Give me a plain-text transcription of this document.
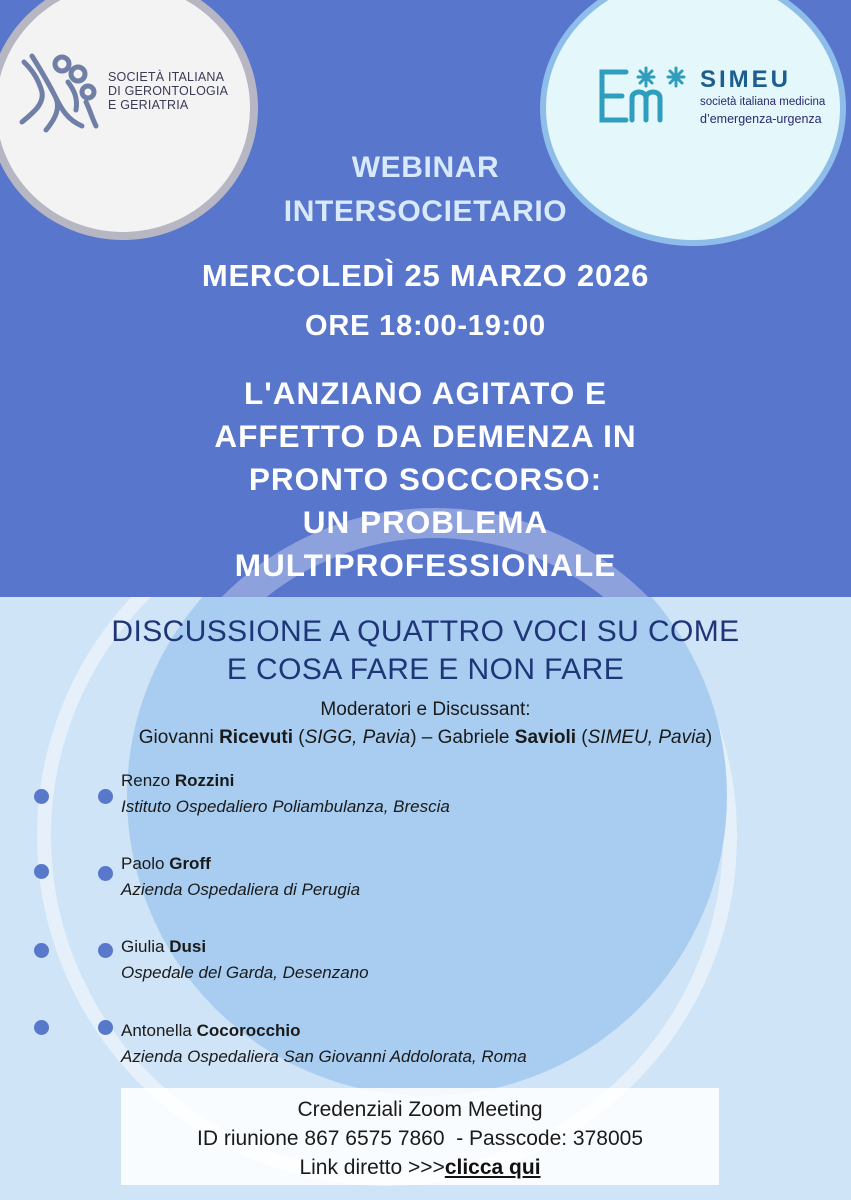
SOCIETÀ ITALIANA
DI GERONTOLOGIA
E GERIATRIA
SIMEU
società italiana medicina
d’emergenza-urgenza
WEBINAR
INTERSOCIETARIO
MERCOLEDÌ 25 MARZO 2026
ORE 18:00-19:00
L'ANZIANO AGITATO E
AFFETTO DA DEMENZA IN
PRONTO SOCCORSO:
UN PROBLEMA
MULTIPROFESSIONALE
DISCUSSIONE A QUATTRO VOCI SU COME
E COSA FARE E NON FARE
Moderatori e Discussant:
Giovanni Ricevuti (SIGG, Pavia) – Gabriele Savioli (SIMEU, Pavia)
Renzo Rozzini
Istituto Ospedaliero Poliambulanza, Brescia
Paolo Groff
Azienda Ospedaliera di Perugia
Giulia Dusi
Ospedale del Garda, Desenzano
Antonella Cocorocchio
Azienda Ospedaliera San Giovanni Addolorata, Roma
Credenziali Zoom Meeting
ID riunione 867 6575 7860  - Passcode: 378005
Link diretto >>>clicca qui
